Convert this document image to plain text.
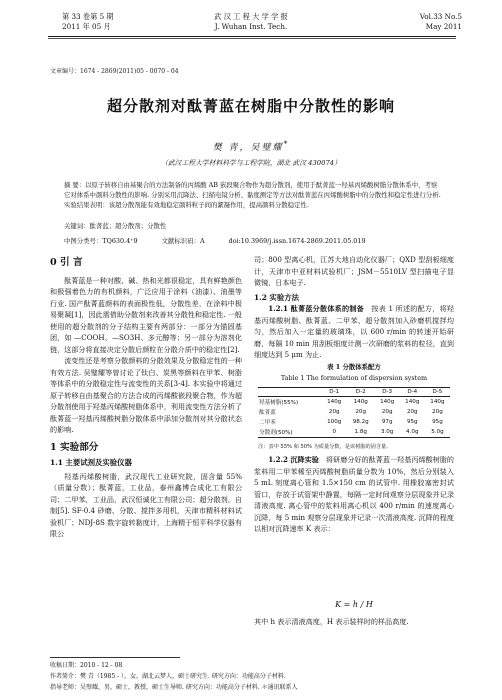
第 33 卷第 5 期
2011 年 05 月
武 汉 工 程 大 学 学 报
J. Wuhan Inst. Tech.
Vol.33 No.5
May 2011
文章编号：1674 - 2869(2011)05 - 0070 - 04
超分散剂对酞菁蓝在树脂中分散性的影响
樊 青，吴璧耀*
（武汉工程大学材料科学与工程学院，湖北 武汉 430074）
摘 要：以原子转移自由基聚合的方法制备的丙烯酸 AB 嵌段聚合物作为超分散剂，使用于酞菁蓝一羟基丙烯酸树脂分散体系中，考察它对体系中颜料分散性的影响. 分别采用沉降法、扫描电镜分析、黏度测定等方法对酞菁蓝在丙烯酸树脂中的分散性和稳定性进行分析. 实验结果表明：该超分散剂能有效地稳定颜料粒子间的絮凝作用，提高颜料分散稳定性.
关键词：酞菁蓝；超分散剂；分散性
中图分类号：TQ630.4⁺9	文献标识码：A	doi:10.3969/j.issn.1674-2869.2011.05.019
0 引 言

酞菁蓝是一种对酸、碱、热和光都很稳定，具有鲜艳颜色和极强着色力的有机颜料，广泛应用于涂料（油漆）、油墨等行业. 国产酞菁蓝颜料的表面极性低，分散性差，在涂料中极易聚凝[1]，因此需借助分散剂来改善其分散性和稳定性. 一般使用的超分散剂的分子结构主要有两部分：一部分为锚固基团，如 —COOH、—SO3H、多元醇等；另一部分为溶剂化链，这部分将直接决定分散后颜粒在分散介质中的稳定性[2].

流变性还是考察分散颜料的分散效果及分散稳定性的一种有效方法. 吴璧耀等曾讨论了钛白、炭黑等颜料在甲苯、树脂等体系中的分散稳定性与流变性的关系[3-4]. 本实验中将通过原子转移自由基聚合的方法合成的丙烯酸嵌段聚合物，作为超分散剂使用于羟基丙烯酸树脂体系中，利用流变性方法分析了酞菁蓝一羟基丙烯酸树脂分散体系中添加分散剂对其分散状态的影响.

1 实验部分
1.1 主要试剂及实验仪器

羟基丙烯酸树脂，武汉现代工业研究院，固含量 55%（质量分数）；酞菁蓝，工业品，泰州鑫博合成化工有限公司；二甲苯，工业品，武汉恒诚化工有限公司；超分散剂，自制[5]. SF-0.4 砂磨、分散、搅拌多用机，天津市精科材料试验机厂；NDJ-8S 数字旋转黏度计，上海精于恒平科学仪器有限公

司；800 型离心机，江苏大地自动化仪器厂；QXD 型刮板细度计，天津市中亚材料试验机厂；JSM－5510LV 型扫描电子显微镜，日本电子.
1.2 实验方法

1.2.1 酞菁蓝分散体系的制备　 按表 1 所述的配方，将羟基丙烯酸树脂、酞菁蓝、二甲苯、超分散剂加入砂磨机搅拌均匀，然后加入一定量的玻璃珠，以 600 r/min 的转速开始研磨，每隔 10 min 用刮板细度计测一次研磨的浆料的粒径，直到细度达到 5 μm 为止.

表 1 分散体系配方
Table 1 The formulation of dispersion system
	D-1	D-2	D-3	D-4	D-5
羟基树脂(55%)	140g	140g	140g	140g	140g
酞菁蓝	20g	20g	20g	20g	20g
二甲苯	100g	98.2g	97g	95g	95g
分散剂(50%)	0	1.8g	3.0g	4.0g	5.0g
注：表中 55% 和 50% 为质量分数，是该树脂的固含量.

1.2.2 沉降实验　 将研磨分好的酞菁蓝一羟基丙烯酸树脂的浆料用二甲苯稀至丙烯酸树脂质量分数为 10%，然后分别装入 5 mL 刻度离心管和 1.5×150 cm 的试管中. 用橡胶塞密封试管口，存放于试管架中静置，每隔一定时间观察分层现象并记录清液高度. 离心管中的浆料用离心机以 400 r/min 的速度离心沉降，每 5 min 观察分层现象并记录一次清液高度. 沉降的程度以相对沉降速率 K 表示：

K = h / H
其中 h 表示清液高度，H 表示装样时的样品高度.
收稿日期：2010 - 12 - 08
作者简介：樊 青（1985 - ），女，湖北云梦人，硕士研究生. 研究方向：功能高分子材料.
指导老师：吴璧耀，男，硕士，教授，硕士生导师. 研究方向：功能高分子材料. ＊通讯联系人
